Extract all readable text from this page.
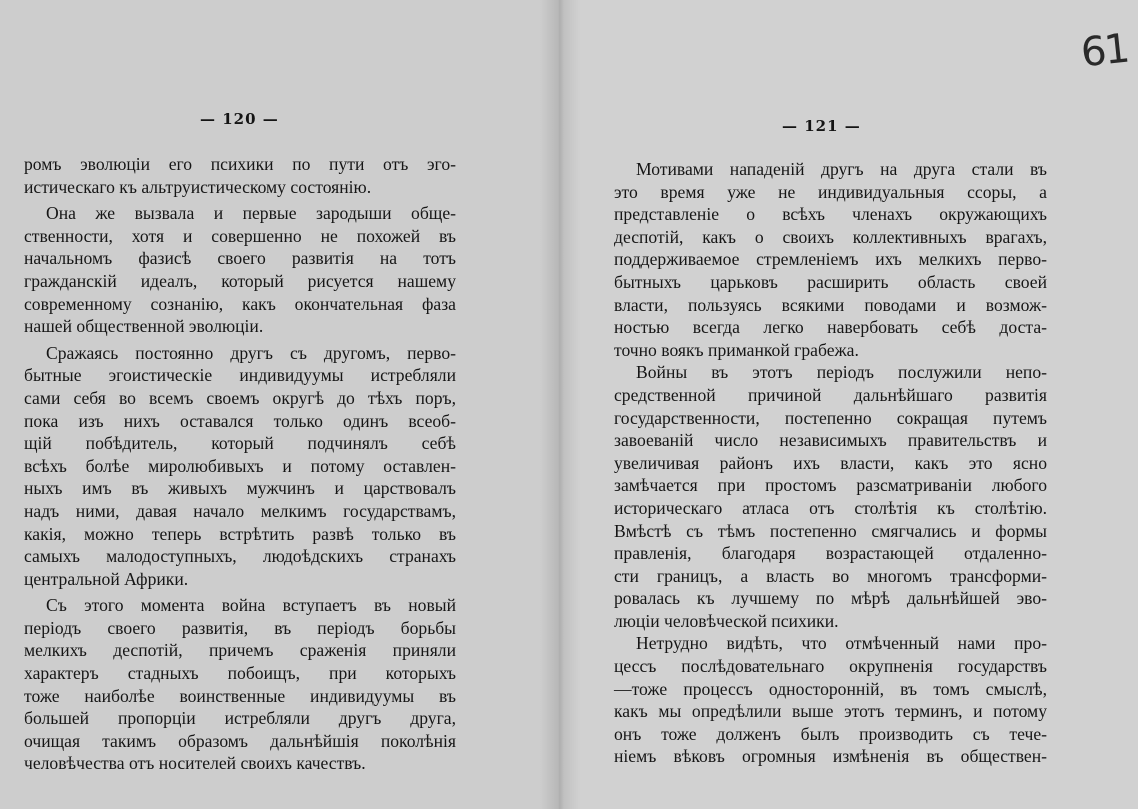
— 120 —
ромъ эволюціи его психики по пути отъ эго-
истическаго къ альтруистическому состоянію.
Она же вызвала и первые зародыши обще-
ственности, хотя и совершенно не похожей въ
начальномъ фазисѣ своего развитія на тотъ
гражданскій идеалъ, который рисуется нашему
современному сознанію, какъ окончательная фаза
нашей общественной эволюціи.
Сражаясь постоянно другъ съ другомъ, перво-
бытные эгоистическіе индивидуумы истребляли
сами себя во всемъ своемъ округѣ до тѣхъ поръ,
пока изъ нихъ оставался только одинъ всеоб-
щій побѣдитель, который подчинялъ себѣ
всѣхъ болѣе миролюбивыхъ и потому оставлен-
ныхъ имъ въ живыхъ мужчинъ и царствовалъ
надъ ними, давая начало мелкимъ государствамъ,
какія, можно теперь встрѣтить развѣ только въ
самыхъ малодоступныхъ, людоѣдскихъ странахъ
центральной Африки.
Съ этого момента война вступаетъ въ новый
періодъ своего развитія, въ періодъ борьбы
мелкихъ деспотій, причемъ сраженія приняли
характеръ стадныхъ побоищъ, при которыхъ
тоже наиболѣе воинственные индивидуумы въ
большей пропорціи истребляли другъ друга,
очищая такимъ образомъ дальнѣйшія поколѣнія
человѣчества отъ носителей своихъ качествъ.
— 121 —
61
Мотивами нападеній другъ на друга стали въ
это время уже не индивидуальныя ссоры, а
представленіе о всѣхъ членахъ окружающихъ
деспотій, какъ о своихъ коллективныхъ врагахъ,
поддерживаемое стремленіемъ ихъ мелкихъ перво-
бытныхъ царьковъ расширить область своей
власти, пользуясь всякими поводами и возмож-
ностью всегда легко навербовать себѣ доста-
точно воякъ приманкой грабежа.
Войны въ этотъ періодъ послужили непо-
средственной причиной дальнѣйшаго развитія
государственности, постепенно сокращая путемъ
завоеваній число независимыхъ правительствъ и
увеличивая районъ ихъ власти, какъ это ясно
замѣчается при простомъ разсматриваніи любого
историческаго атласа отъ столѣтія къ столѣтію.
Вмѣстѣ съ тѣмъ постепенно смягчались и формы
правленія, благодаря возрастающей отдаленно-
сти границъ, а власть во многомъ трансформи-
ровалась къ лучшему по мѣрѣ дальнѣйшей эво-
люціи человѣческой психики.
Нетрудно видѣть, что отмѣченный нами про-
цессъ послѣдовательнаго окрупненія государствъ
—тоже процессъ односторонній, въ томъ смыслѣ,
какъ мы опредѣлили выше этотъ терминъ, и потому
онъ тоже долженъ былъ производить съ тече-
ніемъ вѣковъ огромныя измѣненія въ обществен-
